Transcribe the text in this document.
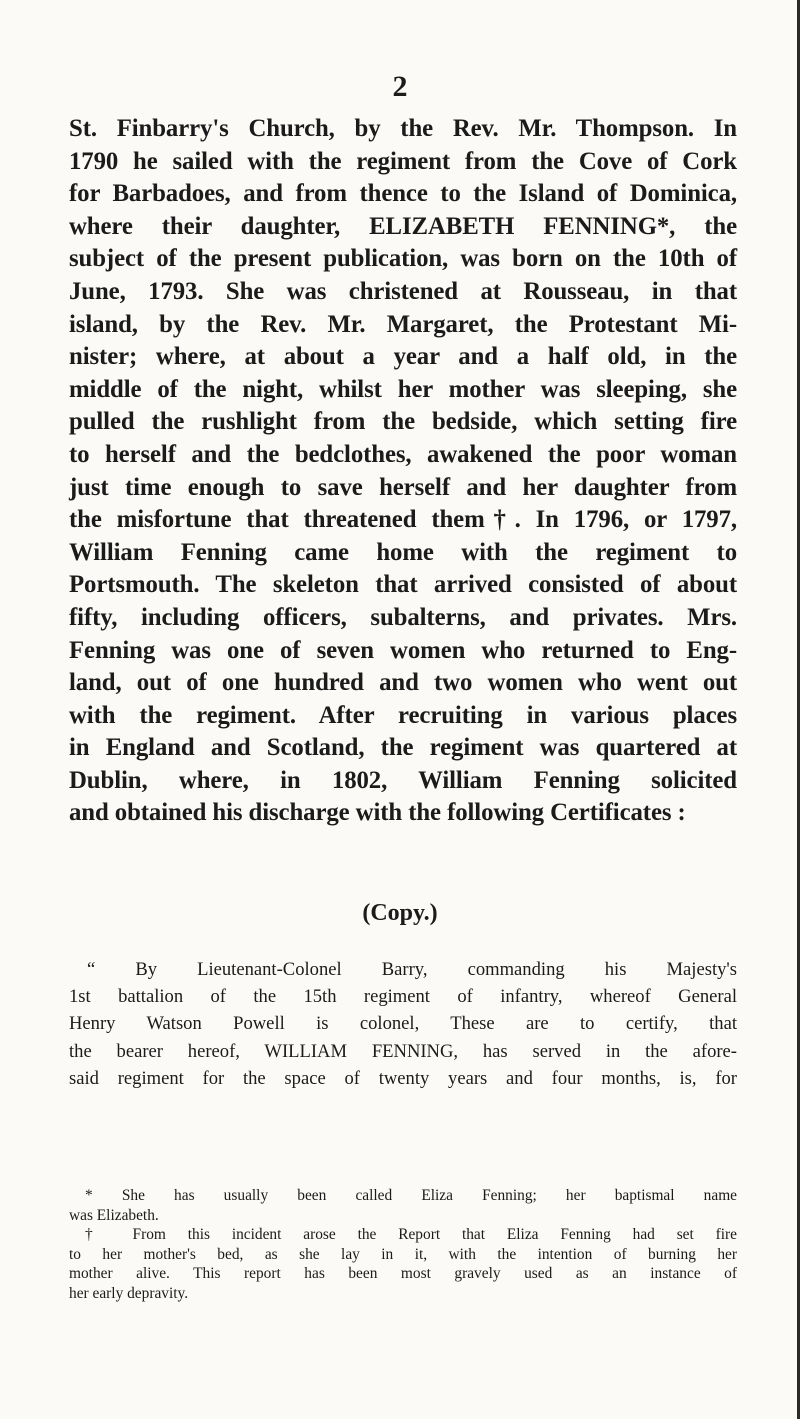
2
St. Finbarry's Church, by the Rev. Mr. Thompson. In
1790 he sailed with the regiment from the Cove of Cork
for Barbadoes, and from thence to the Island of Dominica,
where their daughter, ELIZABETH FENNING*, the
subject of the present publication, was born on the 10th of
June, 1793. She was christened at Rousseau, in that
island, by the Rev. Mr. Margaret, the Protestant Mi-
nister; where, at about a year and a half old, in the
middle of the night, whilst her mother was sleeping, she
pulled the rushlight from the bedside, which setting fire
to herself and the bedclothes, awakened the poor woman
just time enough to save herself and her daughter from
the misfortune that threatened them†. In 1796, or 1797,
William Fenning came home with the regiment to
Portsmouth. The skeleton that arrived consisted of about
fifty, including officers, subalterns, and privates. Mrs.
Fenning was one of seven women who returned to Eng-
land, out of one hundred and two women who went out
with the regiment. After recruiting in various places
in England and Scotland, the regiment was quartered at
Dublin, where, in 1802, William Fenning solicited
and obtained his discharge with the following Certificates :
(Copy.)
“ By Lieutenant-Colonel Barry, commanding his Majesty's
1st battalion of the 15th regiment of infantry, whereof General
Henry Watson Powell is colonel, These are to certify, that
the bearer hereof, WILLIAM FENNING, has served in the afore-
said regiment for the space of twenty years and four months, is, for
* She has usually been called Eliza Fenning; her baptismal name
was Elizabeth.
† From this incident arose the Report that Eliza Fenning had set fire
to her mother's bed, as she lay in it, with the intention of burning her
mother alive. This report has been most gravely used as an instance of
her early depravity.
